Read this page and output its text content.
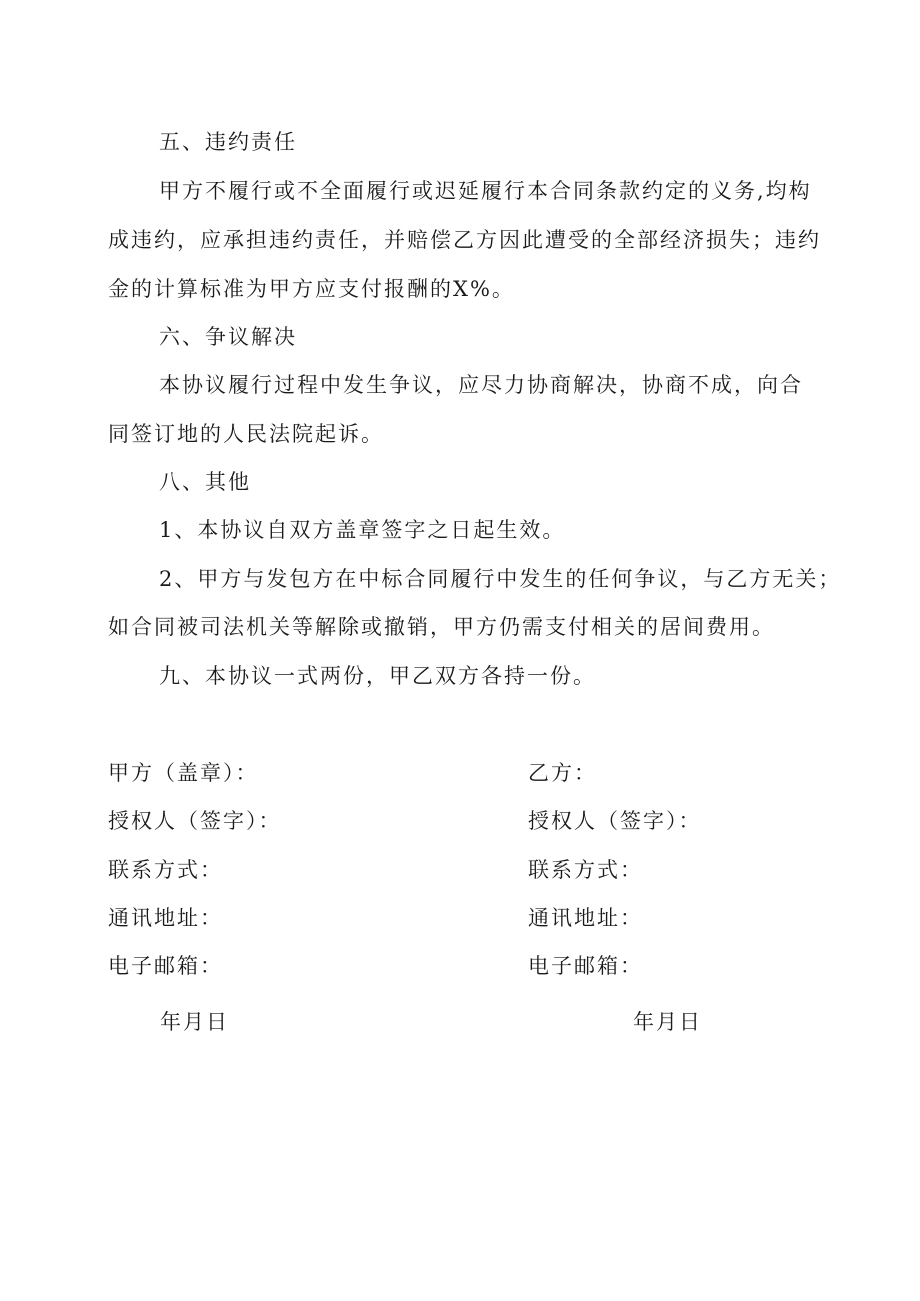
五、违约责任
甲方不履行或不全面履行或迟延履行本合同条款约定的义务,均构
成违约，应承担违约责任，并赔偿乙方因此遭受的全部经济损失；违约
金的计算标准为甲方应支付报酬的X%。
六、争议解决
本协议履行过程中发生争议，应尽力协商解决，协商不成，向合
同签订地的人民法院起诉。
八、其他
1、本协议自双方盖章签字之日起生效。
2、甲方与发包方在中标合同履行中发生的任何争议，与乙方无关；
如合同被司法机关等解除或撤销，甲方仍需支付相关的居间费用。
九、本协议一式两份，甲乙双方各持一份。
甲方（盖章）：
授权人（签字）：
联系方式：
通讯地址：
电子邮箱：
年月日
乙方：
授权人（签字）：
联系方式：
通讯地址：
电子邮箱：
年月日
